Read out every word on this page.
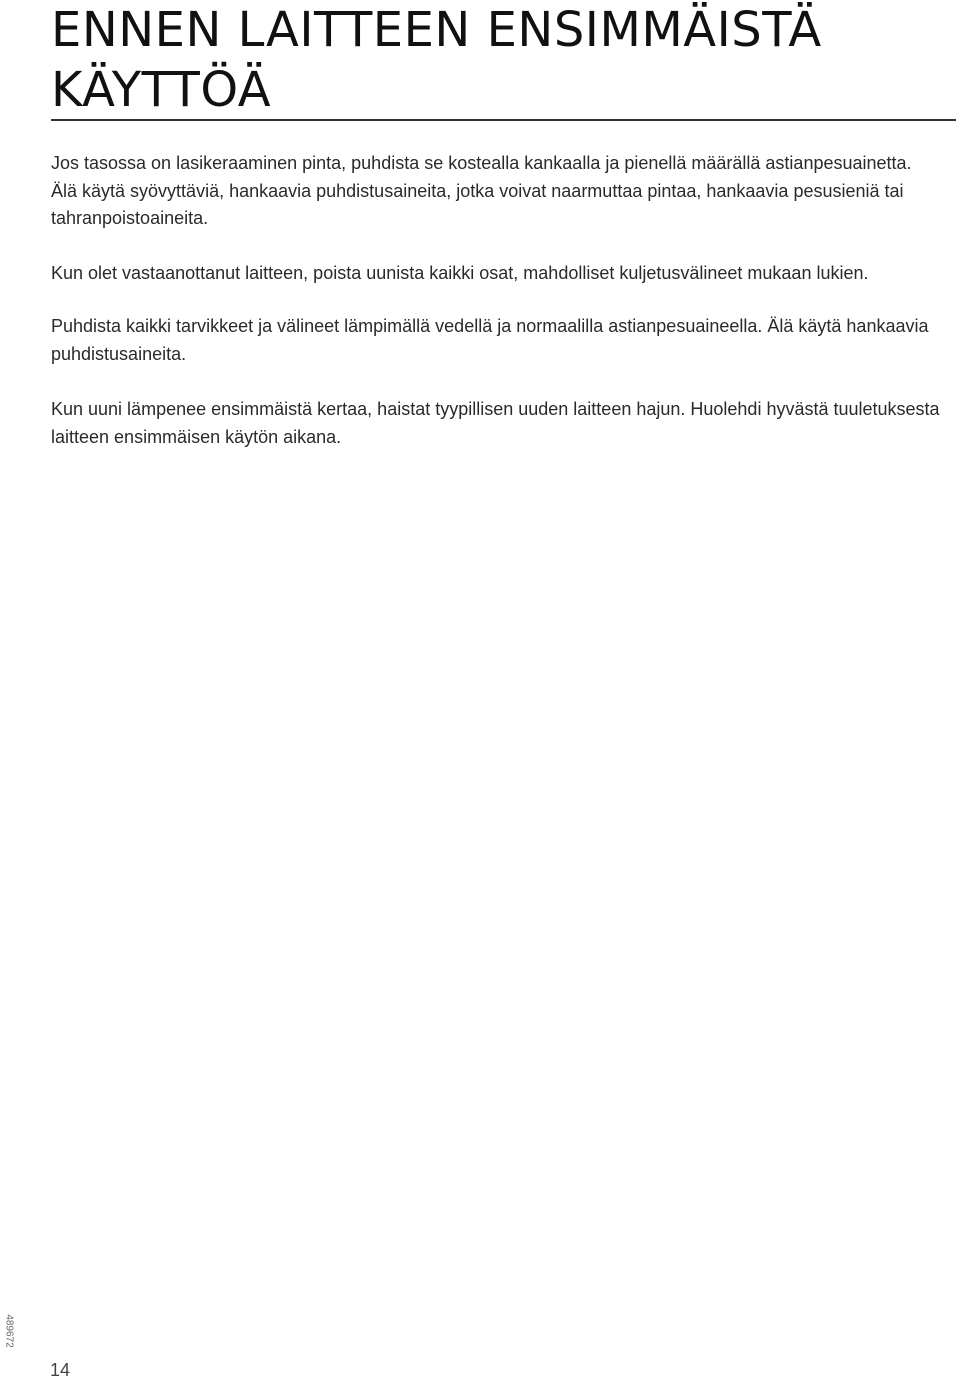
ENNEN LAITTEEN ENSIMMÄISTÄ
KÄYTTÖÄ

Jos tasossa on lasikeraaminen pinta, puhdista se kostealla kankaalla ja pienellä määrällä astianpesuainetta. Älä käytä syövyttäviä, hankaavia puhdistusaineita, jotka voivat naarmuttaa pintaa, hankaavia pesusieniä tai tahranpoistoaineita.

Kun olet vastaanottanut laitteen, poista uunista kaikki osat, mahdolliset kuljetusvälineet mukaan lukien.

Puhdista kaikki tarvikkeet ja välineet lämpimällä vedellä ja normaalilla astianpesuaineella. Älä käytä hankaavia puhdistusaineita.

Kun uuni lämpenee ensimmäistä kertaa, haistat tyypillisen uuden laitteen hajun. Huolehdi hyvästä tuuletuksesta laitteen ensimmäisen käytön aikana.

14
489672
